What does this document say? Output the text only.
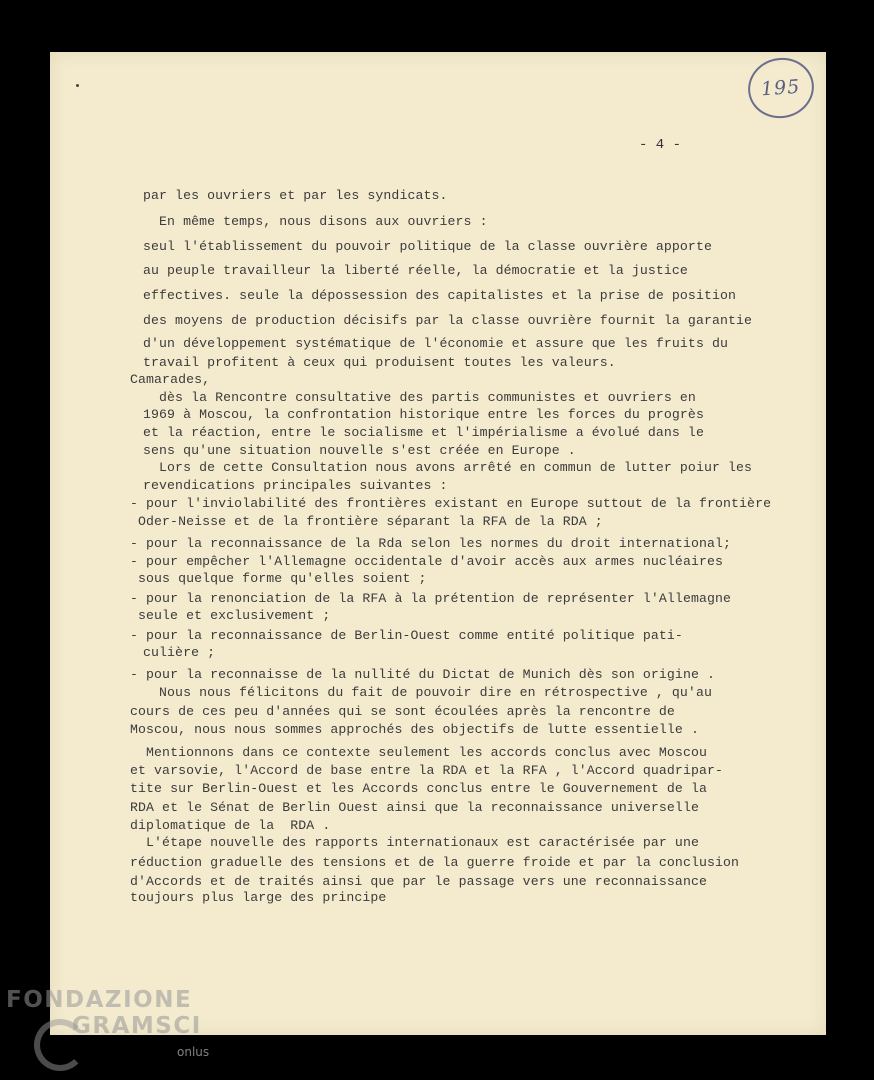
195
- 4 -
par les ouvriers et par les syndicats.
En même temps, nous disons aux ouvriers :
seul l'établissement du pouvoir politique de la classe ouvrière apporte
au peuple travailleur la liberté réelle, la démocratie et la justice
effectives. seule la dépossession des capitalistes et la prise de position
des moyens de production décisifs par la classe ouvrière fournit la garantie
d'un développement systématique de l'économie et assure que les fruits du
travail profitent à ceux qui produisent toutes les valeurs.
Camarades,
dès la Rencontre consultative des partis communistes et ouvriers en
1969 à Moscou, la confrontation historique entre les forces du progrès
et la réaction, entre le socialisme et l'impérialisme a évolué dans le
sens qu'une situation nouvelle s'est créée en Europe .
Lors de cette Consultation nous avons arrêté en commun de lutter poiur les
revendications principales suivantes :
- pour l'inviolabilité des frontières existant en Europe suttout de la frontière
Oder-Neisse et de la frontière séparant la RFA de la RDA ;
- pour la reconnaissance de la Rda selon les normes du droit international;
- pour empêcher l'Allemagne occidentale d'avoir accès aux armes nucléaires
sous quelque forme qu'elles soient ;
- pour la renonciation de la RFA à la prétention de représenter l'Allemagne
seule et exclusivement ;
- pour la reconnaissance de Berlin-Ouest comme entité politique pati-
culière ;
- pour la reconnaisse de la nullité du Dictat de Munich dès son origine .
Nous nous félicitons du fait de pouvoir dire en rétrospective , qu'au
cours de ces peu d'années qui se sont écoulées après la rencontre de
Moscou, nous nous sommes approchés des objectifs de lutte essentielle .
Mentionnons dans ce contexte seulement les accords conclus avec Moscou
et varsovie, l'Accord de base entre la RDA et la RFA , l'Accord quadripar-
tite sur Berlin-Ouest et les Accords conclus entre le Gouvernement de la
RDA et le Sénat de Berlin Ouest ainsi que la reconnaissance universelle
diplomatique de la  RDA .
L'étape nouvelle des rapports internationaux est caractérisée par une
réduction graduelle des tensions et de la guerre froide et par la conclusion
d'Accords et de traités ainsi que par le passage vers une reconnaissance
toujours plus large des principe
FONDAZIONE
GRAMSCI
onlus
